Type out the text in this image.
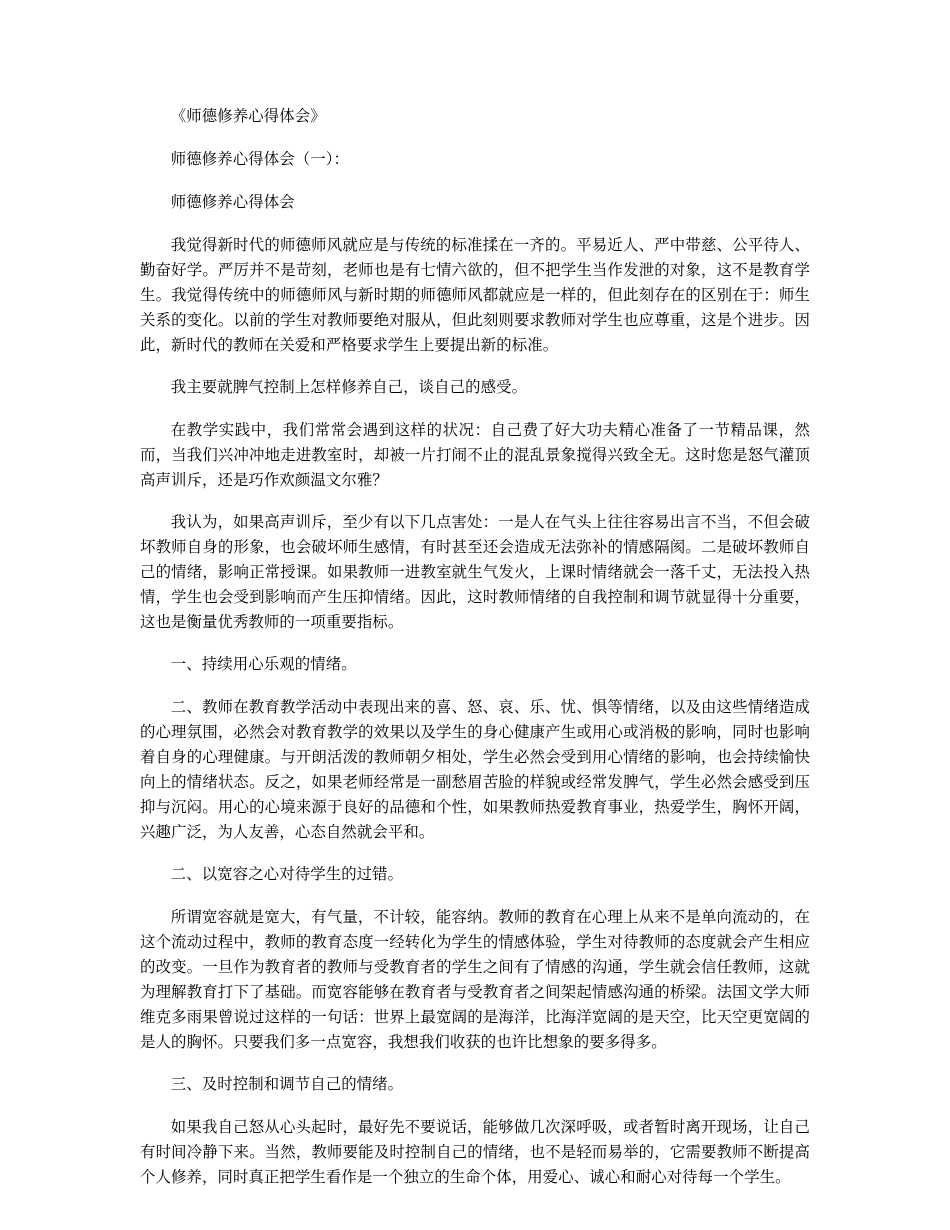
《师德修养心得体会》

师德修养心得体会（一）：

师德修养心得体会

我觉得新时代的师德师风就应是与传统的标准揉在一齐的。平易近人、严中带慈、公平待人、勤奋好学。严厉并不是苛刻，老师也是有七情六欲的，但不把学生当作发泄的对象，这不是教育学生。我觉得传统中的师德师风与新时期的师德师风都就应是一样的，但此刻存在的区别在于：师生关系的变化。以前的学生对教师要绝对服从，但此刻则要求教师对学生也应尊重，这是个进步。因此，新时代的教师在关爱和严格要求学生上要提出新的标准。

我主要就脾气控制上怎样修养自己，谈自己的感受。

在教学实践中，我们常常会遇到这样的状况：自己费了好大功夫精心准备了一节精品课，然而，当我们兴冲冲地走进教室时，却被一片打闹不止的混乱景象搅得兴致全无。这时您是怒气灌顶高声训斥，还是巧作欢颜温文尔雅？

我认为，如果高声训斥，至少有以下几点害处：一是人在气头上往往容易出言不当，不但会破坏教师自身的形象，也会破坏师生感情，有时甚至还会造成无法弥补的情感隔阂。二是破坏教师自己的情绪，影响正常授课。如果教师一进教室就生气发火，上课时情绪就会一落千丈，无法投入热情，学生也会受到影响而产生压抑情绪。因此，这时教师情绪的自我控制和调节就显得十分重要，这也是衡量优秀教师的一项重要指标。

一、持续用心乐观的情绪。

二、教师在教育教学活动中表现出来的喜、怒、哀、乐、忧、惧等情绪，以及由这些情绪造成的心理氛围，必然会对教育教学的效果以及学生的身心健康产生或用心或消极的影响，同时也影响着自身的心理健康。与开朗活泼的教师朝夕相处，学生必然会受到用心情绪的影响，也会持续愉快向上的情绪状态。反之，如果老师经常是一副愁眉苦脸的样貌或经常发脾气，学生必然会感受到压抑与沉闷。用心的心境来源于良好的品德和个性，如果教师热爱教育事业，热爱学生，胸怀开阔，兴趣广泛，为人友善，心态自然就会平和。

二、以宽容之心对待学生的过错。

所谓宽容就是宽大，有气量，不计较，能容纳。教师的教育在心理上从来不是单向流动的，在这个流动过程中，教师的教育态度一经转化为学生的情感体验，学生对待教师的态度就会产生相应的改变。一旦作为教育者的教师与受教育者的学生之间有了情感的沟通，学生就会信任教师，这就为理解教育打下了基础。而宽容能够在教育者与受教育者之间架起情感沟通的桥梁。法国文学大师维克多雨果曾说过这样的一句话：世界上最宽阔的是海洋，比海洋宽阔的是天空，比天空更宽阔的是人的胸怀。只要我们多一点宽容，我想我们收获的也许比想象的要多得多。

三、及时控制和调节自己的情绪。

如果我自己怒从心头起时，最好先不要说话，能够做几次深呼吸，或者暂时离开现场，让自己有时间冷静下来。当然，教师要能及时控制自己的情绪，也不是轻而易举的，它需要教师不断提高个人修养，同时真正把学生看作是一个独立的生命个体，用爱心、诚心和耐心对待每一个学生。
